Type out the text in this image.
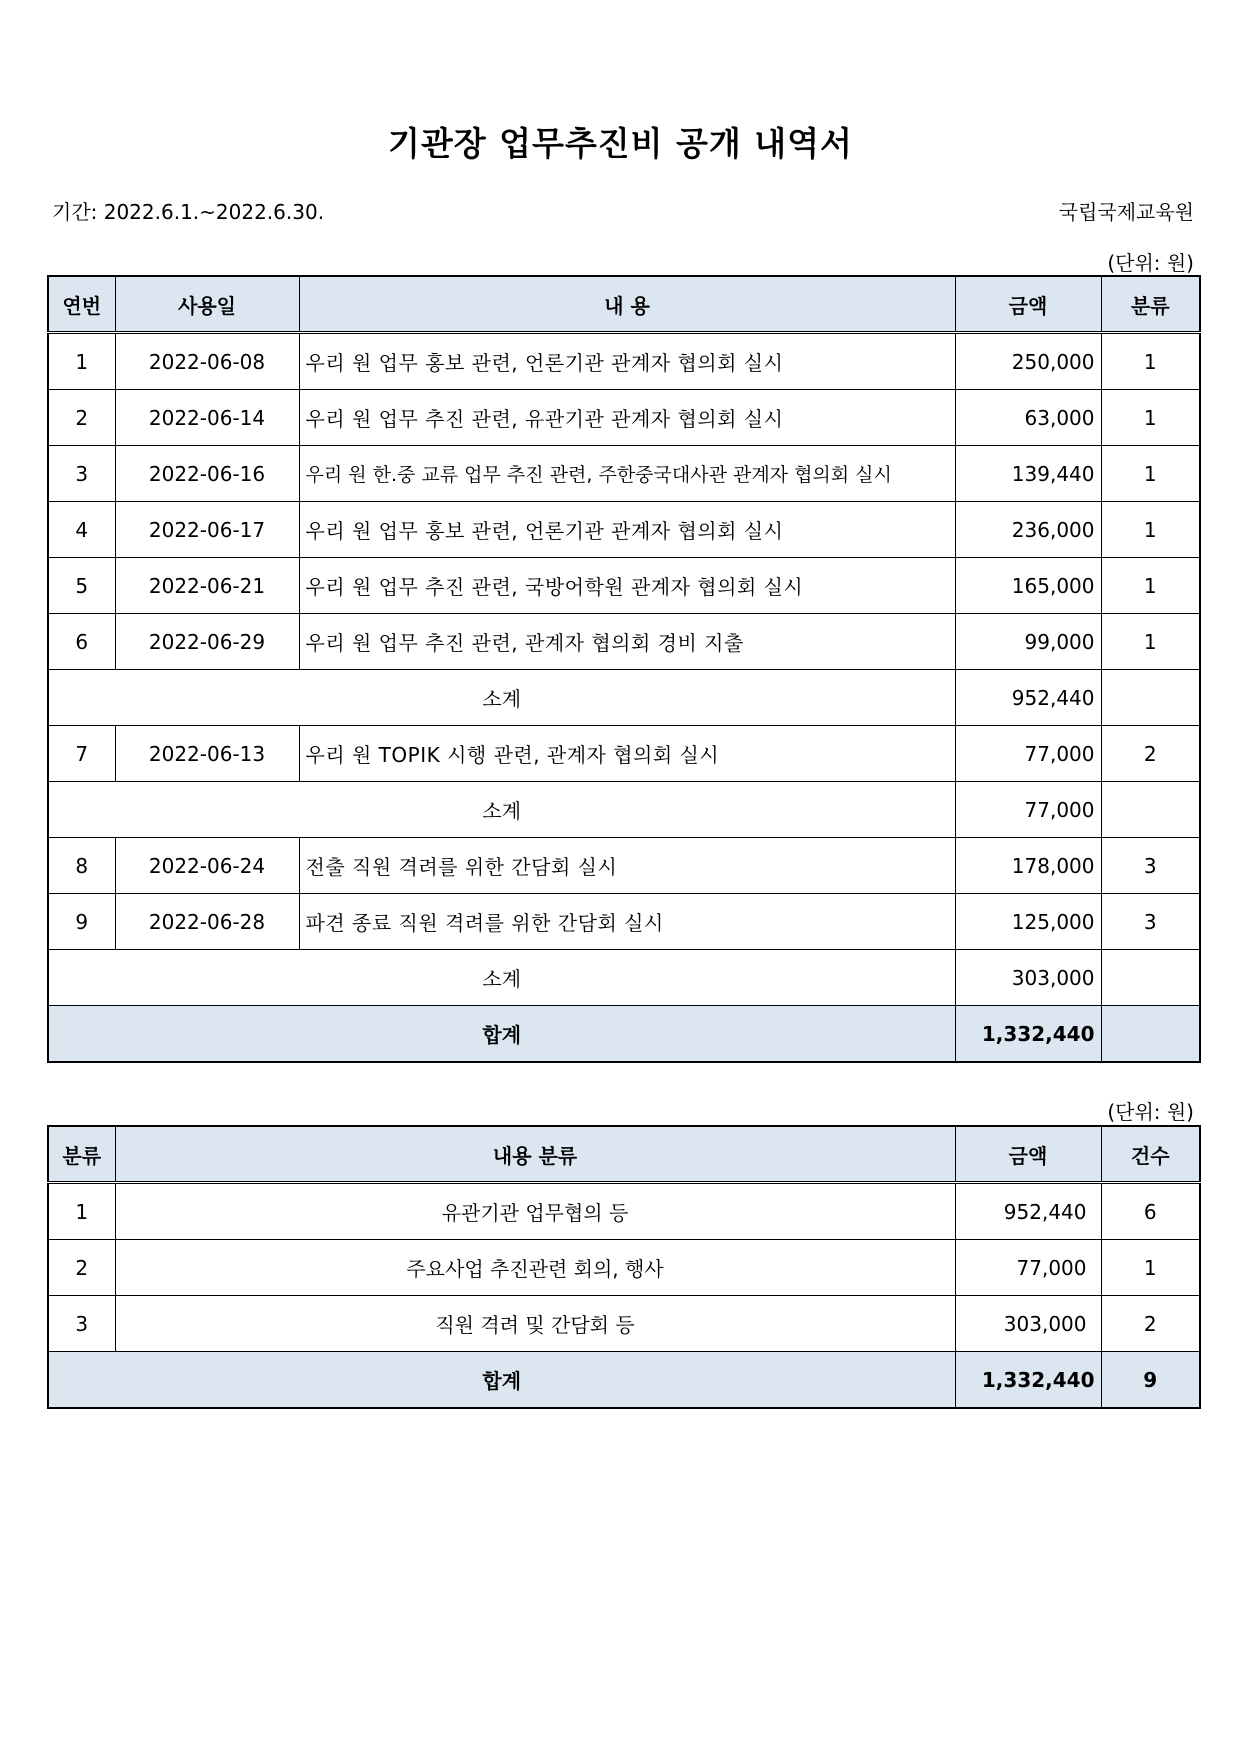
기관장 업무추진비 공개 내역서
기간: 2022.6.1.~2022.6.30.	국립국제교육원
(단위: 원)
연번	사용일	내 용	금액	분류
1	2022-06-08	우리 원 업무 홍보 관련, 언론기관 관계자 협의회 실시	250,000	1
2	2022-06-14	우리 원 업무 추진 관련, 유관기관 관계자 협의회 실시	63,000	1
3	2022-06-16	우리 원 한.중 교류 업무 추진 관련, 주한중국대사관 관계자 협의회 실시	139,440	1
4	2022-06-17	우리 원 업무 홍보 관련, 언론기관 관계자 협의회 실시	236,000	1
5	2022-06-21	우리 원 업무 추진 관련, 국방어학원 관계자 협의회 실시	165,000	1
6	2022-06-29	우리 원 업무 추진 관련, 관계자 협의회 경비 지출	99,000	1
소계			952,440	
7	2022-06-13	우리 원 TOPIK 시행 관련, 관계자 협의회 실시	77,000	2
소계			77,000	
8	2022-06-24	전출 직원 격려를 위한 간담회 실시	178,000	3
9	2022-06-28	파견 종료 직원 격려를 위한 간담회 실시	125,000	3
소계			303,000	
합계			1,332,440	
(단위: 원)
분류	내용 분류	금액	건수
1	유관기관 업무협의 등	952,440	6
2	주요사업 추진관련 회의, 행사	77,000	1
3	직원 격려 및 간담회 등	303,000	2
합계		1,332,440	9
